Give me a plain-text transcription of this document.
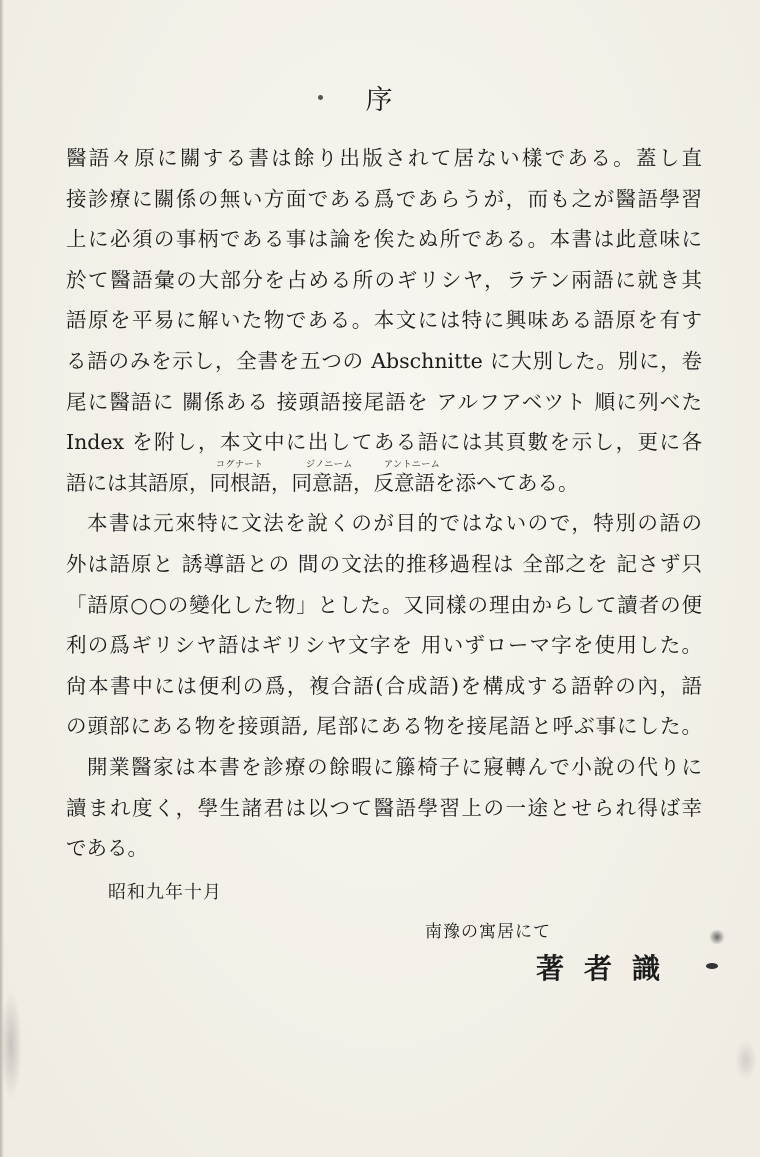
序
醫語々原に關する書は餘り出版されて居ない樣である。蓋し直
接診療に關係の無い方面である爲であらうが，而も之が醫語學習
上に必須の事柄である事は論を俟たぬ所である。本書は此意味に
於て醫語彙の大部分を占める所のギリシヤ，ラテン兩語に就き其
語原を平易に解いた物である。本文には特に興味ある語原を有す
る語のみを示し，全書を五つの Abschnitte に大別した。別に，卷
尾に醫語に 關係ある 接頭語接尾語を アルフアベツト 順に列べた
Index を附し，本文中に出してある語には其頁數を示し，更に各
コグナート	ジノニーム	アントニーム
語には其語原，同根語，同意語，反意語を添へてある。
本書は元來特に文法を說くのが目的ではないので，特別の語の
外は語原と 誘導語との 間の文法的推移過程は 全部之を 記さず只
「語原○○の變化した物」とした。又同樣の理由からして讀者の便
利の爲ギリシヤ語はギリシヤ文字を 用いずローマ字を使用した。
尙本書中には便利の爲，複合語(合成語)を構成する語幹の內，語
の頭部にある物を接頭語, 尾部にある物を接尾語と呼ぶ事にした。
開業醫家は本書を診療の餘暇に籐椅子に寢轉んで小說の代りに
讀まれ度く，學生諸君は以つて醫語學習上の一途とせられ得ば幸
である。
昭和九年十月
南豫の寓居にて
著者識
